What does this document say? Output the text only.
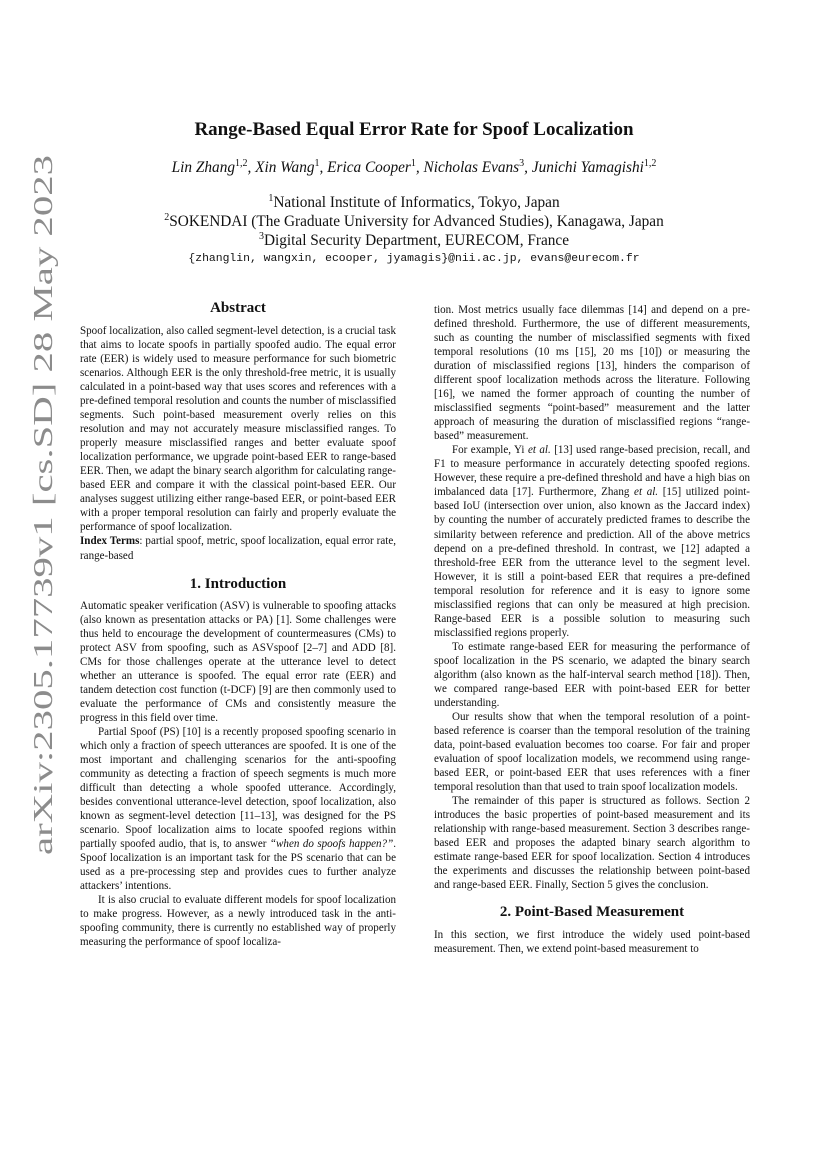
arXiv:2305.17739v1 [cs.SD] 28 May 2023
Range-Based Equal Error Rate for Spoof Localization
Lin Zhang$^{1,2}$, Xin Wang$^1$, Erica Cooper$^1$, Nicholas Evans$^3$, Junichi Yamagishi$^{1,2}$
$^1$National Institute of Informatics, Tokyo, Japan
$^2$SOKENDAI (The Graduate University for Advanced Studies), Kanagawa, Japan
$^3$Digital Security Department, EURECOM, France
{zhanglin, wangxin, ecooper, jyamagis}@nii.ac.jp, evans@eurecom.fr
Abstract

Spoof localization, also called segment-level detection, is a crucial task that aims to locate spoofs in partially spoofed audio. The equal error rate (EER) is widely used to measure performance for such biometric scenarios. Although EER is the only threshold-free metric, it is usually calculated in a point-based way that uses scores and references with a pre-defined temporal resolution and counts the number of misclassified segments. Such point-based measurement overly relies on this resolution and may not accurately measure misclassified ranges. To properly measure misclassified ranges and better evaluate spoof localization performance, we upgrade point-based EER to range-based EER. Then, we adapt the binary search algorithm for calculating range-based EER and compare it with the classical point-based EER. Our analyses suggest utilizing either range-based EER, or point-based EER with a proper temporal resolution can fairly and properly evaluate the performance of spoof localization.

Index Terms: partial spoof, metric, spoof localization, equal error rate, range-based

1. Introduction

Automatic speaker verification (ASV) is vulnerable to spoofing attacks (also known as presentation attacks or PA) [1]. Some challenges were thus held to encourage the development of countermeasures (CMs) to protect ASV from spoofing, such as ASVspoof [2–7] and ADD [8]. CMs for those challenges operate at the utterance level to detect whether an utterance is spoofed. The equal error rate (EER) and tandem detection cost function (t-DCF) [9] are then commonly used to evaluate the performance of CMs and consistently measure the progress in this field over time.

Partial Spoof (PS) [10] is a recently proposed spoofing scenario in which only a fraction of speech utterances are spoofed. It is one of the most important and challenging scenarios for the anti-spoofing community as detecting a fraction of speech segments is much more difficult than detecting a whole spoofed utterance. Accordingly, besides conventional utterance-level detection, spoof localization, also known as segment-level detection [11–13], was designed for the PS scenario. Spoof localization aims to locate spoofed regions within partially spoofed audio, that is, to answer “when do spoofs happen?”. Spoof localization is an important task for the PS scenario that can be used as a pre-processing step and provides cues to further analyze attackers’ intentions.

It is also crucial to evaluate different models for spoof localization to make progress. However, as a newly introduced task in the anti-spoofing community, there is currently no established way of properly measuring the performance of spoof localiza-

tion. Most metrics usually face dilemmas [14] and depend on a pre-defined threshold. Furthermore, the use of different measurements, such as counting the number of misclassified segments with fixed temporal resolutions (10 ms [15], 20 ms [10]) or measuring the duration of misclassified regions [13], hinders the comparison of different spoof localization methods across the literature. Following [16], we named the former approach of counting the number of misclassified segments “point-based” measurement and the latter approach of measuring the duration of misclassified regions “range-based” measurement.

For example, Yi et al. [13] used range-based precision, recall, and F1 to measure performance in accurately detecting spoofed regions. However, these require a pre-defined threshold and have a high bias on imbalanced data [17]. Furthermore, Zhang et al. [15] utilized point-based IoU (intersection over union, also known as the Jaccard index) by counting the number of accurately predicted frames to describe the similarity between reference and prediction. All of the above metrics depend on a pre-defined threshold. In contrast, we [12] adapted a threshold-free EER from the utterance level to the segment level. However, it is still a point-based EER that requires a pre-defined temporal resolution for reference and it is easy to ignore some misclassified regions that can only be measured at high precision. Range-based EER is a possible solution to measuring such misclassified regions properly.

To estimate range-based EER for measuring the performance of spoof localization in the PS scenario, we adapted the binary search algorithm (also known as the half-interval search method [18]). Then, we compared range-based EER with point-based EER for better understanding.

Our results show that when the temporal resolution of a point-based reference is coarser than the temporal resolution of the training data, point-based evaluation becomes too coarse. For fair and proper evaluation of spoof localization models, we recommend using range-based EER, or point-based EER that uses references with a finer temporal resolution than that used to train spoof localization models.

The remainder of this paper is structured as follows. Section 2 introduces the basic properties of point-based measurement and its relationship with range-based measurement. Section 3 describes range-based EER and proposes the adapted binary search algorithm to estimate range-based EER for spoof localization. Section 4 introduces the experiments and discusses the relationship between point-based and range-based EER. Finally, Section 5 gives the conclusion.

2. Point-Based Measurement

In this section, we first introduce the widely used point-based measurement. Then, we extend point-based measurement to
